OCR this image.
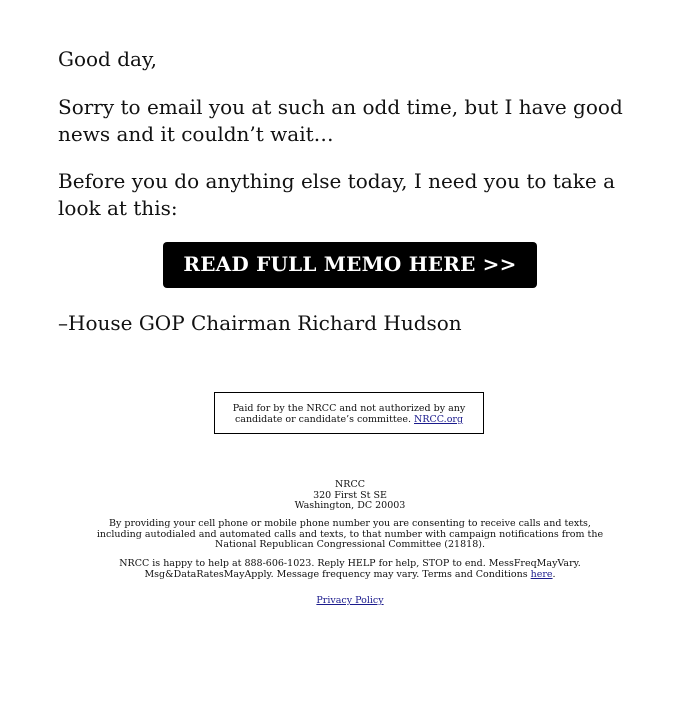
Good day,

Sorry to email you at such an odd time, but I have good news and it couldn’t wait…

Before you do anything else today, I need you to take a look at this:

READ FULL MEMO HERE >>

–House GOP Chairman Richard Hudson

Paid for by the NRCC and not authorized by any candidate or candidate’s committee. NRCC.org
NRCC
320 First St SE
Washington, DC 20003
By providing your cell phone or mobile phone number you are consenting to receive calls and texts, including autodialed and automated calls and texts, to that number with campaign notifications from the National Republican Congressional Committee (21818).
NRCC is happy to help at 888-606-1023. Reply HELP for help, STOP to end. MessFreqMayVary. Msg&DataRatesMayApply. Message frequency may vary. Terms and Conditions here.
Privacy Policy
